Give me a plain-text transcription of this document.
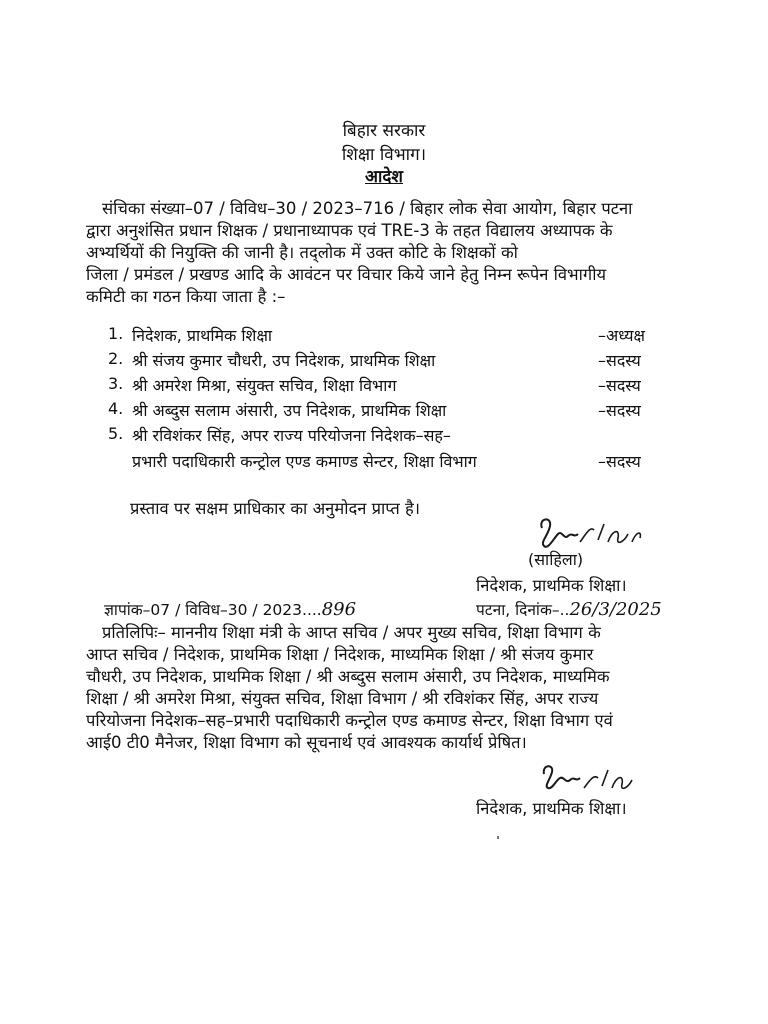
बिहार सरकार
शिक्षा विभाग।
आदेश
संचिका संख्या–07 / विविध–30 / 2023–716 / बिहार लोक सेवा आयोग, बिहार पटना
द्वारा अनुशंसित प्रधान शिक्षक / प्रधानाध्यापक एवं TRE-3 के तहत विद्यालय अध्यापक के
अभ्यर्थियों की नियुक्ति की जानी है। तद्‌लोक में उक्त कोटि के शिक्षकों को
जिला / प्रमंडल / प्रखण्ड आदि के आवंटन पर विचार किये जाने हेतु निम्न रूपेन विभागीय
कमिटी का गठन किया जाता है :–
1. निदेशक, प्राथमिक शिक्षा	–अध्यक्ष
2. श्री संजय कुमार चौधरी, उप निदेशक, प्राथमिक शिक्षा	–सदस्य
3. श्री अमरेश मिश्रा, संयुक्त सचिव, शिक्षा विभाग	–सदस्य
4. श्री अब्दुस सलाम अंसारी, उप निदेशक, प्राथमिक शिक्षा	–सदस्य
5. श्री रविशंकर सिंह, अपर राज्य परियोजना निदेशक–सह–
प्रभारी पदाधिकारी कन्ट्रोल एण्ड कमाण्ड सेन्टर, शिक्षा विभाग	–सदस्य
प्रस्ताव पर सक्षम प्राधिकार का अनुमोदन प्राप्त है।
(साहिला)
निदेशक, प्राथमिक शिक्षा।
ज्ञापांक–07 / विविध–30 / 2023....896	पटना, दिनांक–..26/3/2025
प्रतिलिपिः– माननीय शिक्षा मंत्री के आप्त सचिव / अपर मुख्य सचिव, शिक्षा विभाग के
आप्त सचिव / निदेशक, प्राथमिक शिक्षा / निदेशक, माध्यमिक शिक्षा / श्री संजय कुमार
चौधरी, उप निदेशक, प्राथमिक शिक्षा / श्री अब्दुस सलाम अंसारी, उप निदेशक, माध्यमिक
शिक्षा / श्री अमरेश मिश्रा, संयुक्त सचिव, शिक्षा विभाग / श्री रविशंकर सिंह, अपर राज्य
परियोजना निदेशक–सह–प्रभारी पदाधिकारी कन्ट्रोल एण्ड कमाण्ड सेन्टर, शिक्षा विभाग एवं
आई0 टी0 मैनेजर, शिक्षा विभाग को सूचनार्थ एवं आवश्यक कार्यार्थ प्रेषित।
निदेशक, प्राथमिक शिक्षा।
